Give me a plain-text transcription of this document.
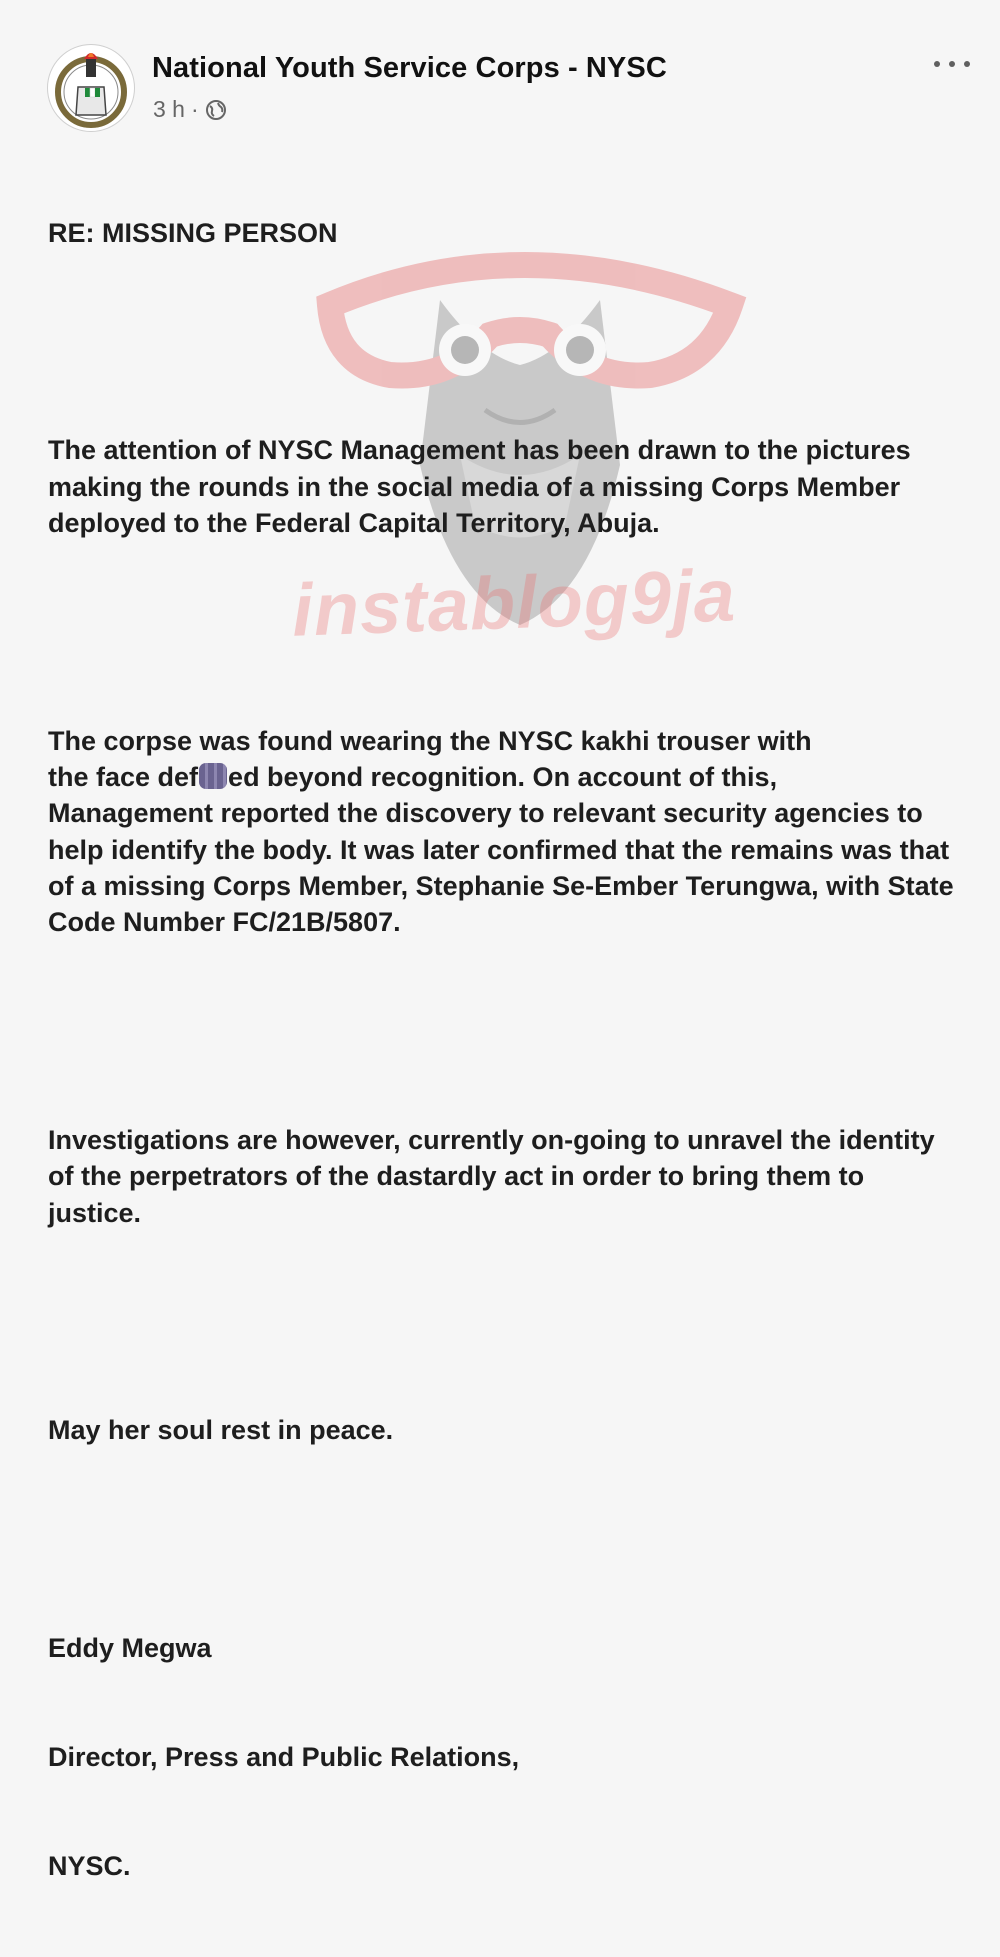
National Youth Service Corps - NYSC
3 h ·
instablog9ja

RE: MISSING PERSON

The attention of NYSC Management has been drawn to the pictures making the rounds in the social media of a missing Corps Member deployed to the Federal Capital Territory, Abuja.

The corpse was found wearing the NYSC kakhi trouser with
the face def ed beyond recognition. On account of this,
Management reported the discovery to relevant security agencies to help identify the body. It was later confirmed that the remains was that of a missing Corps Member, Stephanie Se-Ember Terungwa, with State Code Number FC/21B/5807.

Investigations are however, currently on-going to unravel the identity of the perpetrators of the dastardly act in order to bring them to justice.

May her soul rest in peace.

Eddy Megwa

Director, Press and Public Relations,

NYSC.
